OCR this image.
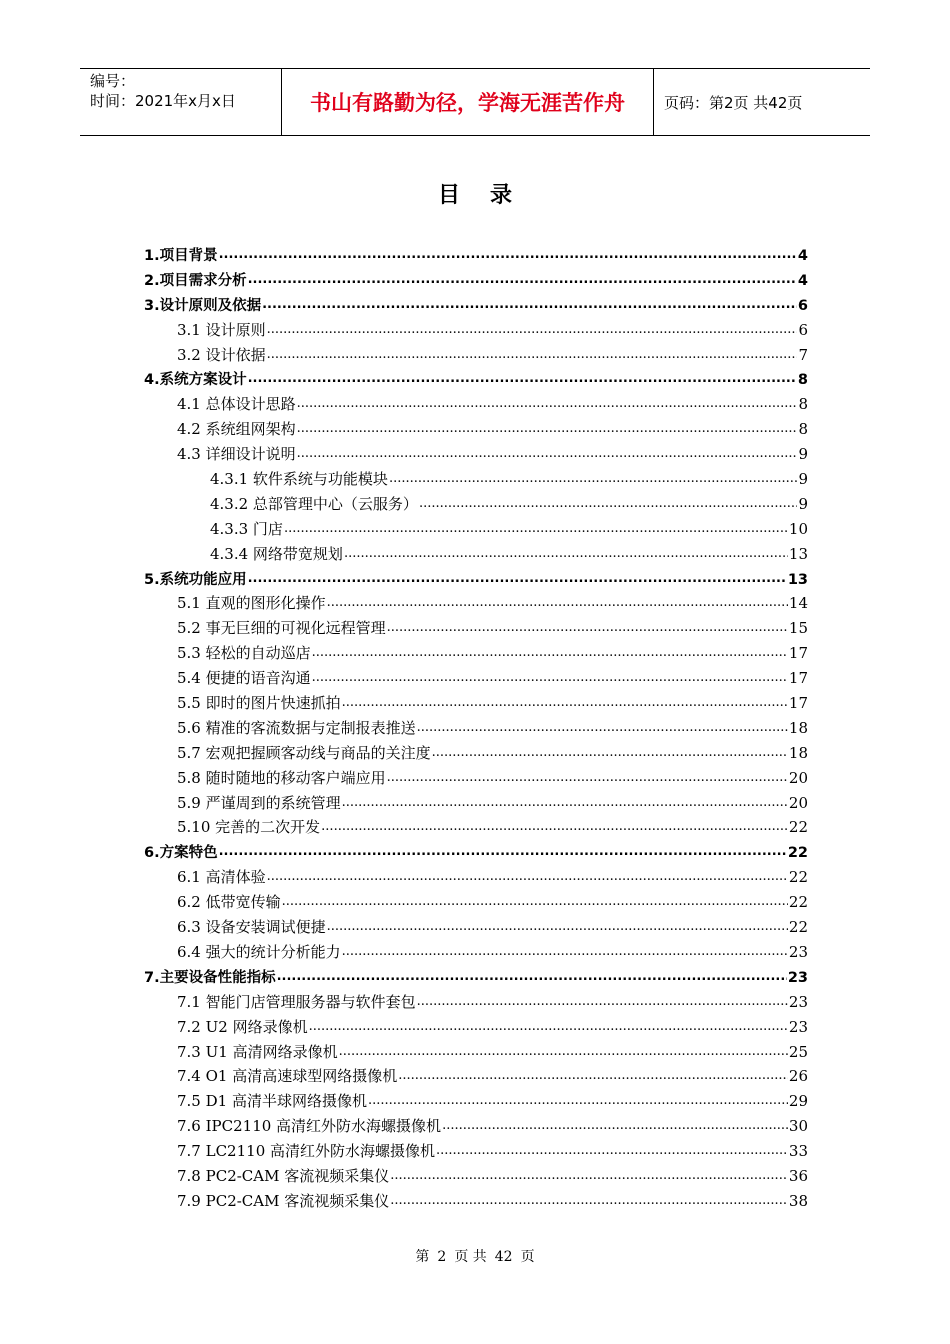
编号：
时间：2021年x月x日	书山有路勤为径，学海无涯苦作舟	页码：第2页 共42页
目录
1.项目背景 .....	4
2.项目需求分析 .....	4
3.设计原则及依据 .....	6
3.1 设计原则 .....	6
3.2 设计依据 .....	7
4.系统方案设计 .....	8
4.1 总体设计思路 .....	8
4.2 系统组网架构 .....	8
4.3 详细设计说明 .....	9
4.3.1 软件系统与功能模块 .....	9
4.3.2 总部管理中心（云服务） .....	9
4.3.3 门店 .....	10
4.3.4 网络带宽规划 .....	13
5.系统功能应用 .....	13
5.1 直观的图形化操作 .....	14
5.2 事无巨细的可视化远程管理 .....	15
5.3 轻松的自动巡店 .....	17
5.4 便捷的语音沟通 .....	17
5.5 即时的图片快速抓拍 .....	17
5.6 精准的客流数据与定制报表推送 .....	18
5.7 宏观把握顾客动线与商品的关注度 .....	18
5.8 随时随地的移动客户端应用 .....	20
5.9 严谨周到的系统管理 .....	20
5.10 完善的二次开发 .....	22
6.方案特色 .....	22
6.1 高清体验 .....	22
6.2 低带宽传输 .....	22
6.3 设备安装调试便捷 .....	22
6.4 强大的统计分析能力 .....	23
7.主要设备性能指标 .....	23
7.1 智能门店管理服务器与软件套包 .....	23
7.2 U2 网络录像机 .....	23
7.3 U1 高清网络录像机 .....	25
7.4 O1 高清高速球型网络摄像机 .....	26
7.5 D1 高清半球网络摄像机 .....	29
7.6 IPC2110 高清红外防水海螺摄像机 .....	30
7.7 LC2110 高清红外防水海螺摄像机 .....	33
7.8 PC2-CAM 客流视频采集仪 .....	36
7.9 PC2-CAM 客流视频采集仪 .....	38
第 2 页 共 42 页
